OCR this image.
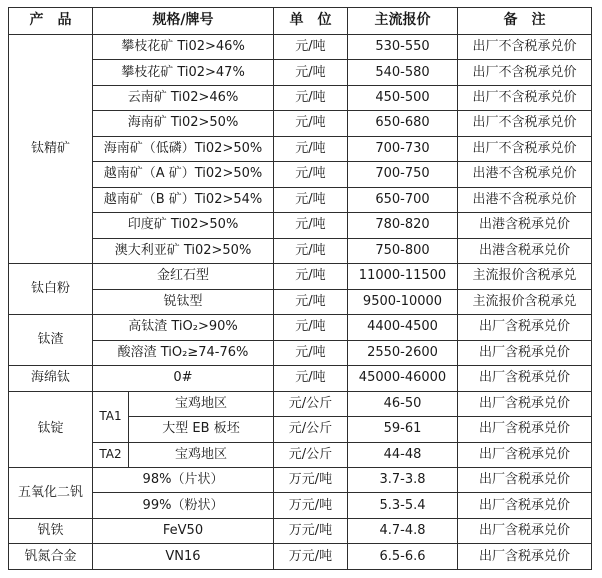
产　品	规格/牌号		单　位	主流报价	备　注
钛精矿	攀枝花矿 Ti02>46%		元/吨	530-550	出厂不含税承兑价
	攀枝花矿 Ti02>47%		元/吨	540-580	出厂不含税承兑价
	云南矿 Ti02>46%		元/吨	450-500	出厂不含税承兑价
	海南矿 Ti02>50%		元/吨	650-680	出厂不含税承兑价
	海南矿（低磷）Ti02>50%		元/吨	700-730	出厂不含税承兑价
	越南矿（A 矿）Ti02>50%		元/吨	700-750	出港不含税承兑价
	越南矿（B 矿）Ti02>54%		元/吨	650-700	出港不含税承兑价
	印度矿 Ti02>50%		元/吨	780-820	出港含税承兑价
	澳大利亚矿 Ti02>50%		元/吨	750-800	出港含税承兑价
钛白粉	金红石型		元/吨	11000-11500	主流报价含税承兑
	锐钛型		元/吨	9500-10000	主流报价含税承兑
钛渣	高钛渣 TiO₂>90%		元/吨	4400-4500	出厂含税承兑价
	酸溶渣 TiO₂≥74-76%		元/吨	2550-2600	出厂含税承兑价
海绵钛	0#		元/吨	45000-46000	出厂含税承兑价
钛锭	TA1	宝鸡地区	元/公斤	46-50	出厂含税承兑价
		大型 EB 板坯	元/公斤	59-61	出厂含税承兑价
	TA2	宝鸡地区	元/公斤	44-48	出厂含税承兑价
五氧化二钒	98%（片状）		万元/吨	3.7-3.8	出厂含税承兑价
	99%（粉状）		万元/吨	5.3-5.4	出厂含税承兑价
钒铁	FeV50		万元/吨	4.7-4.8	出厂含税承兑价
钒氮合金	VN16		万元/吨	6.5-6.6	出厂含税承兑价
